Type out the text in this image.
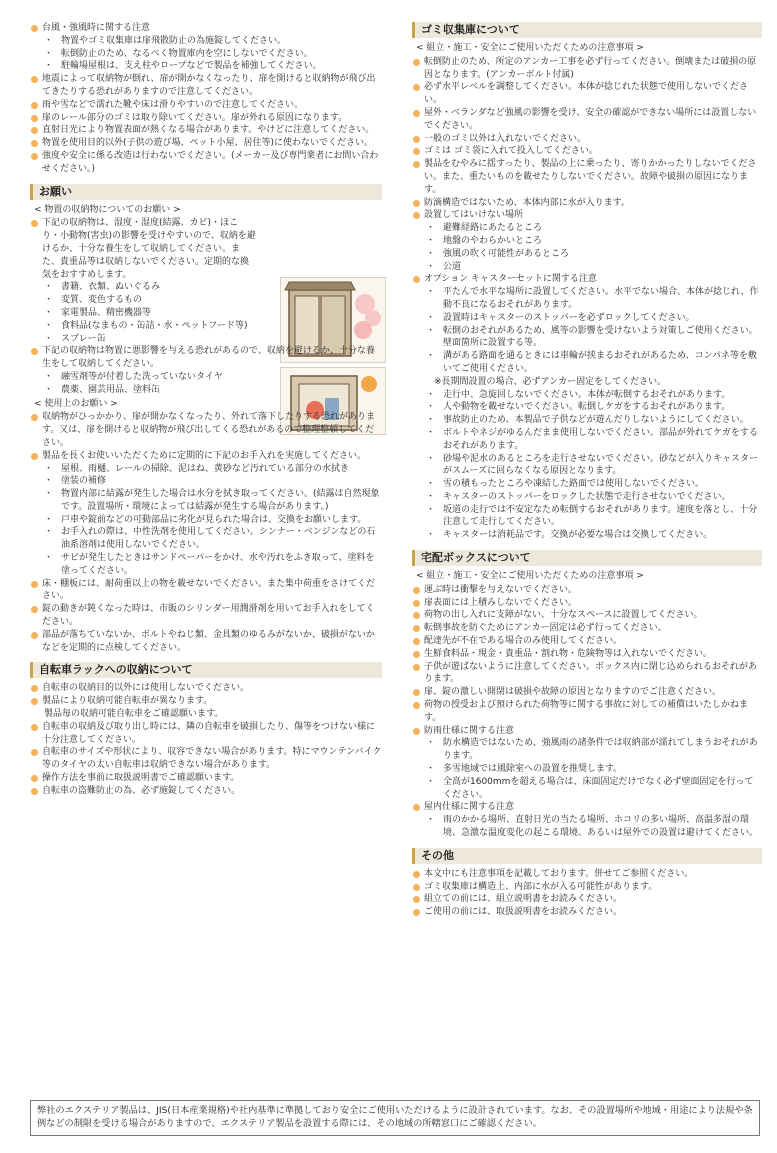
台風・強風時に関する注意
・ 物置やゴミ収集庫は扉飛散防止の為施錠してください。
・ 転倒防止のため、なるべく物置庫内を空にしないでください。
・ 駐輪場屋根は、支え柱やロープなどで製品を補強してください。
地震によって収納物が倒れ、扉が開かなくなったり、扉を開けると収納物が飛び出てきたりする恐れがありますので注意してください。
雨や雪などで濡れた靴や床は滑りやすいので注意してください。
扉のレール部分のゴミは取り除いてください。扉が外れる原因になります。
直射日光により物置表面が熱くなる場合があります。やけどに注意してください。
物置を使用目的以外(子供の遊び場、ペット小屋、居住等)に使わないでください。
強度や安全に係る改造は行わないでください。(メーカー及び専門業者にお問い合わせください。)
お願い
< 物置の収納物についてのお願い >
下記の収納物は、湿度・湿度(結露、カビ)・ほこり・小動物(害虫)の影響を受けやすいので、収納を避けるか、十分な養生をして収納してください。また、貴重品等は収納しないでください。定期的な換気をおすすめします。
・ 書籍、衣類、ぬいぐるみ
・ 変質、変色するもの
・ 家電製品、精密機器等
・ 食料品(なまもの・缶詰・水・ペットフード等)
・ スプレー缶
下記の収納物は物置に悪影響を与える恐れがあるので、収納を避けるか、十分な養生をして収納してください。
・ 融雪剤等が付着した洗っていないタイヤ
・ 農薬、園芸用品、塗料缶
< 使用上のお願い >
収納物がひっかかり、扉が開かなくなったり、外れて落下したりする恐れがあります。又は、扉を開けると収納物が飛び出してくる恐れがあるので整理整頓してください。
製品を長くお使いいただくために定期的に下記のお手入れを実施してください。
・ 屋根、雨樋、レールの掃除、泥はね、黄砂など汚れている部分の水拭き
・ 塗装の補修
・ 物置内部に結露が発生した場合は水分を拭き取ってください。(結露は自然現象です。設置場所・環境によっては結露が発生する場合があります。)
・ 戸車や錠前などの可動部品に劣化が見られた場合は、交換をお願いします。
・ お手入れの際は、中性洗剤を使用してください。シンナー・ベンジンなどの石油系溶剤は使用しないでください。
・ サビが発生したときはサンドペーパーをかけ、水や汚れをふき取って、塗料を塗ってください。
床・棚板には、耐荷重以上の物を載せないでください。また集中荷重をさけてください。
錠の動きが鈍くなった時は、市販のシリンダー用潤滑剤を用いてお手入れをしてください。
部品が落ちていないか、ボルトやねじ類、金具類のゆるみがないか、破損がないかなどを定期的に点検してください。
自転車ラックへの収納について
自転車の収納目的以外には使用しないでください。
製品により収納可能自転車が異なります。
製品毎の収納可能自転車をご確認願います。
自転車の収納及び取り出し時には、隣の自転車を破損したり、傷等をつけない様に十分注意してください。
自転車のサイズや形状により、収容できない場合があります。特にマウンテンバイク等のタイヤの太い自転車は収納できない場合があります。
操作方法を事前に取扱説明書でご確認願います。
自転車の盗難防止の為、必ず施錠してください。
ゴミ収集庫について
< 組立・施工・安全にご使用いただくための注意事項 >
転倒防止のため、所定のアンカー工事を必ず行ってください。倒壊または破損の原因となります。(アンカーボルト付属)
必ず水平レベルを調整してください。本体が捻じれた状態で使用しないでください。
屋外・ベランダなど強風の影響を受け、安全の確認ができない場所には設置しないでください。
一般のゴミ以外は入れないでください。
ゴミは ゴミ袋に入れて投入してください。
製品をむやみに揺すったり、製品の上に乗ったり、寄りかかったりしないでください。また、重たいものを載せたりしないでください。故障や破損の原因になります。
防滴構造ではないため、本体内部に水が入ります。
設置してはいけない場所
・ 避難経路にあたるところ
・ 地盤のやわらかいところ
・ 強風の吹く可能性があるところ
・ 公道
オプション キャスターセットに関する注意
・ 平たんで水平な場所に設置してください。水平でない場合、本体が捻じれ、作動不良になるおそれがあります。
・ 設置時はキャスターのストッパーを必ずロックしてください。
・ 転倒のおそれがあるため、風等の影響を受けないよう対策しご使用ください。壁面箇所に設置する等。
・ 溝がある路面を通るときには車輪が挟まるおそれがあるため、コンパネ等を敷いてご使用ください。
※長期間設置の場合、必ずアンカー固定をしてください。
・ 走行中、急旋回しないでください。本体が転倒するおそれがあります。
・ 人や動物を載せないでください。転倒しケガをするおそれがあります。
・ 事故防止のため、本製品で子供などが遊んだりしないようにしてください。
・ ボルトやネジがゆるんだまま使用しないでください。部品が外れてケガをするおそれがあります。
・ 砂場や泥水のあるところを走行させないでください。砂などが入りキャスターがスムーズに回らなくなる原因となります。
・ 雪の積もったところや凍結した路面では使用しないでください。
・ キャスターのストッパーをロックした状態で走行させないでください。
・ 坂道の走行では不安定なため転倒するおそれがあります。速度を落とし、十分注意して走行してください。
・ キャスターは消耗品です。交換が必要な場合は交換してください。
宅配ボックスについて
< 組立・施工・安全にご使用いただくための注意事項 >
運ぶ時は衝撃を与えないでください。
扉表面には上積みしないでください。
荷物の出し入れに支障がない、十分なスペースに設置してください。
転倒事故を防ぐためにアンカー固定は必ず行ってください。
配達先が不在である場合のみ使用してください。
生鮮食料品・現金・貴重品・割れ物・危険物等は入れないでください。
子供が遊ばないように注意してください。ボックス内に閉じ込められるおそれがあります。
扉、錠の激しい開閉は破損や故障の原因となりますのでご注意ください。
荷物の授受および預けられた荷物等に関する事故に対しての補償はいたしかねます。
防雨仕様に関する注意
・ 防水構造ではないため、強風雨の諸条件では収納部が濡れてしまうおそれがあります。
・ 多雪地域では風除室への設置を推奨します。
・ 全高が1600mmを超える場合は、床面固定だけでなく必ず壁面固定を行ってください。
屋内仕様に関する注意
・ 雨のかかる場所、直射日光の当たる場所、ホコリの多い場所、高温多湿の環境、急激な温度変化の起こる環境、あるいは屋外での設置は避けてください。
その他
本文中にも注意事項を記載しております。併せてご参照ください。
ゴミ収集庫は構造上、内部に水が入る可能性があります。
組立ての前には、組立説明書をお読みください。
ご使用の前には、取扱説明書をお読みください。
弊社のエクステリア製品は、JIS(日本産業規格)や社内基準に準拠しており安全にご使用いただけるように設計されています。なお、その設置場所や地域・用途により法規や条例などの制限を受ける場合がありますので、エクステリア製品を設置する際には、その地域の所轄窓口にご確認ください。
